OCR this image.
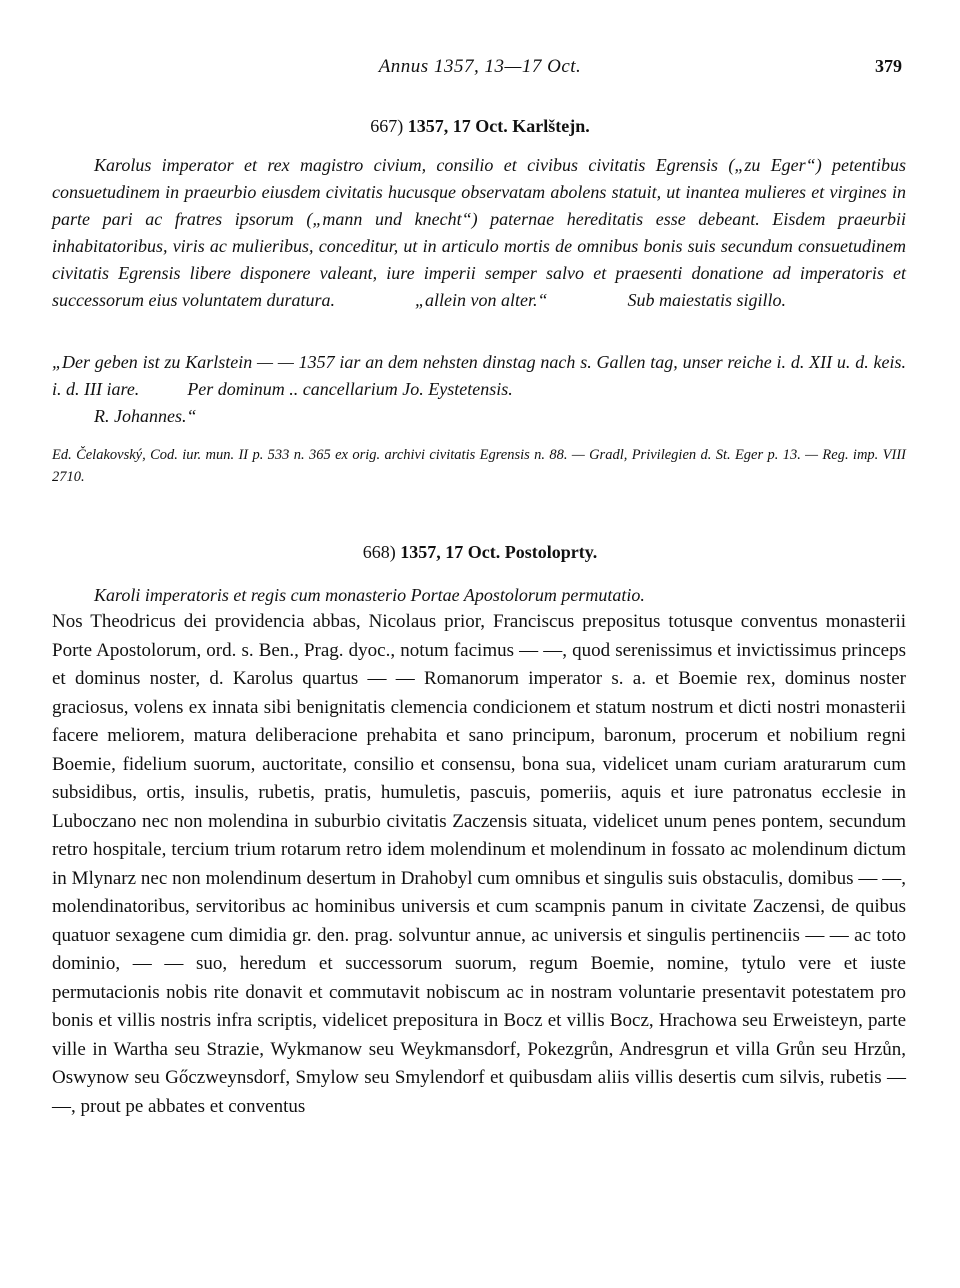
Annus 1357, 13—17 Oct.	379
667) 1357, 17 Oct. Karlštejn.

Karolus imperator et rex magistro civium, consilio et civibus civitatis Egrensis („zu Eger“) petentibus consuetudinem in praeurbio eiusdem civitatis hucusque observatam abolens statuit, ut inantea mulieres et virgines in parte pari ac fratres ipsorum („mann und knecht“) paternae hereditatis esse debeant. Eisdem praeurbii inhabitatoribus, viris ac mulieribus, conceditur, ut in articulo mortis de omnibus bonis suis secundum consuetudinem civitatis Egrensis libere disponere valeant, iure imperii semper salvo et praesenti donatione ad imperatoris et successorum eius voluntatem duratura.	„allein von alter.“	Sub maiestatis sigillo.

„Der geben ist zu Karlstein — — 1357 iar an dem nehsten dinstag nach s. Gallen tag, unser reiche i. d. XII u. d. keis. i. d. III iare.	Per dominum .. cancellarium Jo. Eystetensis.

R. Johannes.“

Ed. Čelakovský, Cod. iur. mun. II p. 533 n. 365 ex orig. archivi civitatis Egrensis n. 88. — Gradl, Privilegien d. St. Eger p. 13. — Reg. imp. VIII 2710.

668) 1357, 17 Oct. Postoloprty.

Karoli imperatoris et regis cum monasterio Portae Apostolorum permutatio.

Nos Theodricus dei providencia abbas, Nicolaus prior, Franciscus prepositus totusque conventus monasterii Porte Apostolorum, ord. s. Ben., Prag. dyoc., notum facimus — —, quod serenissimus et invictissimus princeps et dominus noster, d. Karolus quartus — — Romanorum imperator s. a. et Boemie rex, dominus noster graciosus, volens ex innata sibi benignitatis clemencia condicionem et statum nostrum et dicti nostri monasterii facere meliorem, matura deliberacione prehabita et sano principum, baronum, procerum et nobilium regni Boemie, fidelium suorum, auctoritate, consilio et consensu, bona sua, videlicet unam curiam araturarum cum subsidibus, ortis, insulis, rubetis, pratis, humuletis, pascuis, pomeriis, aquis et iure patronatus ecclesie in Luboczano nec non molendina in suburbio civitatis Zaczensis situata, videlicet unum penes pontem, secundum retro hospitale, tercium trium rotarum retro idem molendinum et molendinum in fossato ac molendinum dictum in Mlynarz nec non molendinum desertum in Drahobyl cum omnibus et singulis suis obstaculis, domibus — —, molendinatoribus, servitoribus ac hominibus universis et cum scampnis panum in civitate Zaczensi, de quibus quatuor sexagene cum dimidia gr. den. prag. solvuntur annue, ac universis et singulis pertinenciis — — ac toto dominio, — — suo, heredum et successorum suorum, regum Boemie, nomine, tytulo vere et iuste permutacionis nobis rite donavit et commutavit nobiscum ac in nostram voluntarie presentavit potestatem pro bonis et villis nostris infra scriptis, videlicet prepositura in Bocz et villis Bocz, Hrachowa seu Erweisteyn, parte ville in Wartha seu Strazie, Wykmanow seu Weykmansdorf, Pokezgrůn, Andresgrun et villa Grůn seu Hrzůn, Oswynow seu Gőczweynsdorf, Smylow seu Smylendorf et quibusdam aliis villis desertis cum silvis, rubetis — —, prout pe abbates et conventus
